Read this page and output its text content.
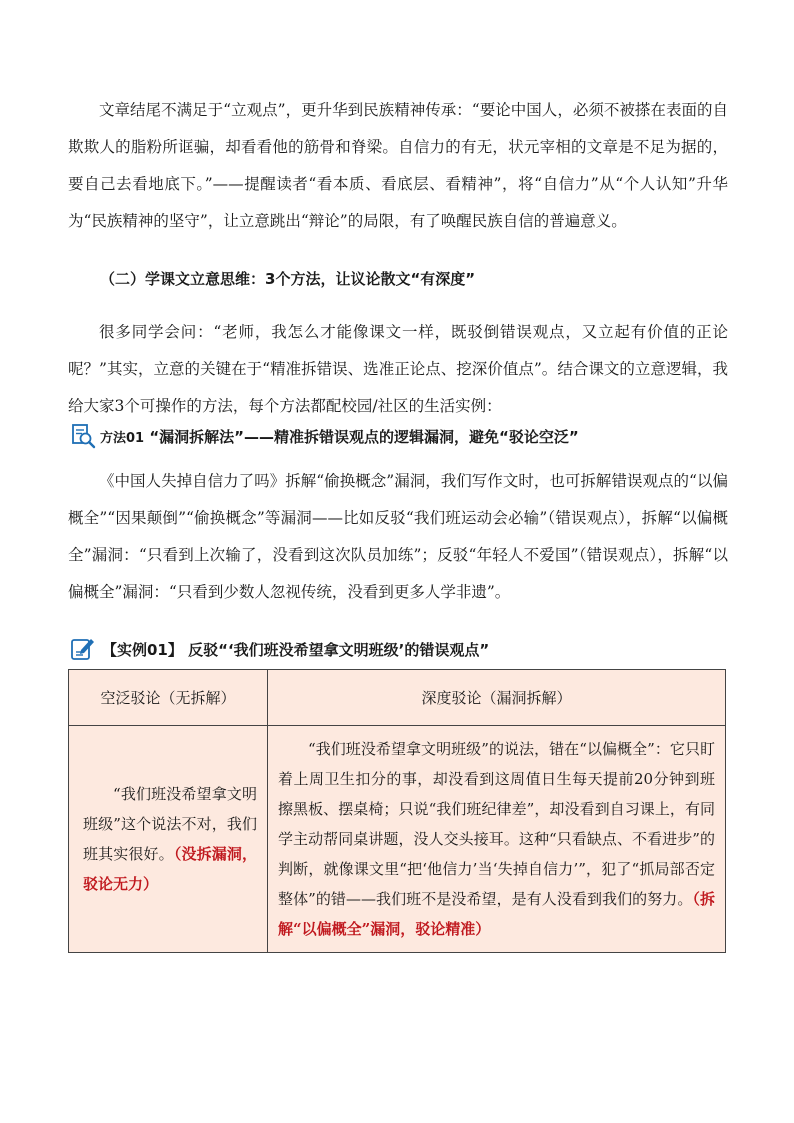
文章结尾不满足于“立观点”，更升华到民族精神传承：“要论中国人，必须不被搽在表面的自欺欺人的脂粉所诓骗，却看看他的筋骨和脊梁。自信力的有无，状元宰相的文章是不足为据的，要自己去看地底下。”——提醒读者“看本质、看底层、看精神”，将“自信力”从“个人认知”升华为“民族精神的坚守”，让立意跳出“辩论”的局限，有了唤醒民族自信的普遍意义。

（二）学课文立意思维：3个方法，让议论散文“有深度”

很多同学会问：“老师，我怎么才能像课文一样，既驳倒错误观点，又立起有价值的正论呢？”其实，立意的关键在于“精准拆错误、选准正论点、挖深价值点”。结合课文的立意逻辑，我给大家3个可操作的方法，每个方法都配校园/社区的生活实例：

方法01 “漏洞拆解法”——精准拆错误观点的逻辑漏洞，避免“驳论空泛”

《中国人失掉自信力了吗》拆解“偷换概念”漏洞，我们写作文时，也可拆解错误观点的“以偏概全”“因果颠倒”“偷换概念”等漏洞——比如反驳“我们班运动会必输”（错误观点），拆解“以偏概全”漏洞：“只看到上次输了，没看到这次队员加练”；反驳“年轻人不爱国”（错误观点），拆解“以偏概全”漏洞：“只看到少数人忽视传统，没看到更多人学非遗”。

【实例01】 反驳“‘我们班没希望拿文明班级’的错误观点”
空泛驳论（无拆解）	深度驳论（漏洞拆解）

“我们班没希望拿文明班级”这个说法不对，我们班其实很好。（没拆漏洞，驳论无力）	“我们班没希望拿文明班级”的说法，错在“以偏概全”：它只盯着上周卫生扣分的事，却没看到这周值日生每天提前20分钟到班擦黑板、摆桌椅；只说“我们班纪律差”，却没看到自习课上，有同学主动帮同桌讲题，没人交头接耳。这种“只看缺点、不看进步”的判断，就像课文里“把‘他信力’当‘失掉自信力’”，犯了“抓局部否定整体”的错——我们班不是没希望，是有人没看到我们的努力。（拆解“以偏概全”漏洞，驳论精准）
